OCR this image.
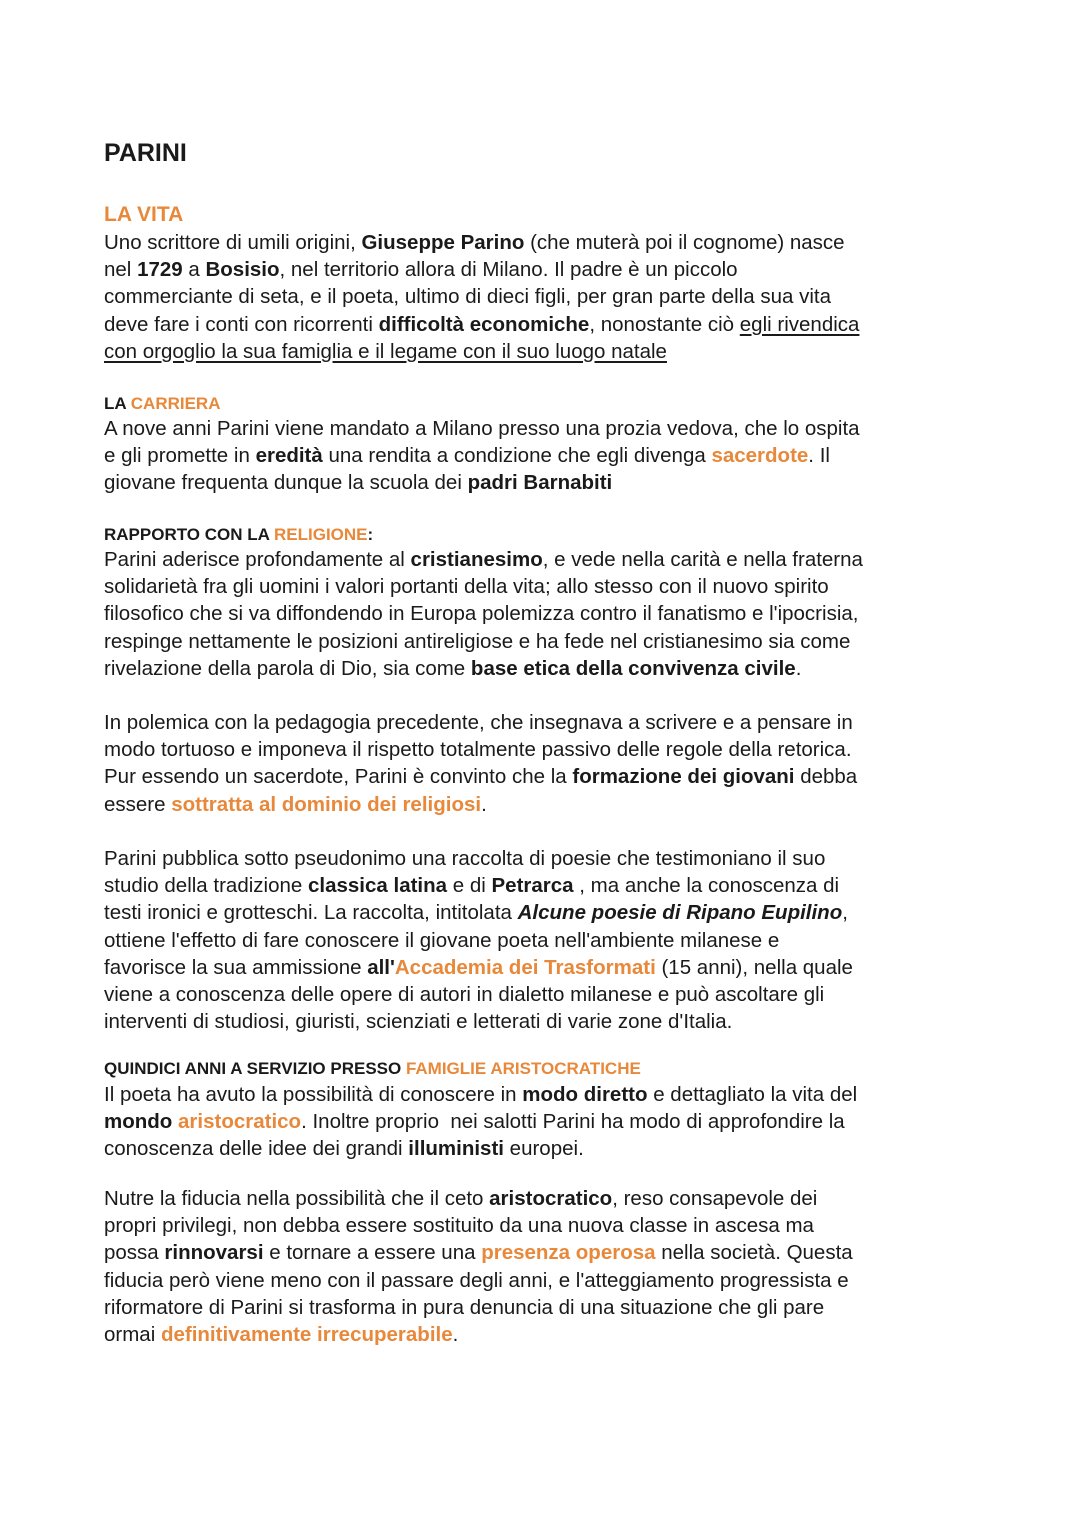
PARINI
LA VITA
Uno scrittore di umili origini, Giuseppe Parino (che muterà poi il cognome) nasce
nel 1729 a Bosisio, nel territorio allora di Milano. Il padre è un piccolo
commerciante di seta, e il poeta, ultimo di dieci figli, per gran parte della sua vita
deve fare i conti con ricorrenti difficoltà economiche, nonostante ciò egli rivendica
con orgoglio la sua famiglia e il legame con il suo luogo natale
LA CARRIERA
A nove anni Parini viene mandato a Milano presso una prozia vedova, che lo ospita
e gli promette in eredità una rendita a condizione che egli divenga sacerdote. Il
giovane frequenta dunque la scuola dei padri Barnabiti
RAPPORTO CON LA RELIGIONE:
Parini aderisce profondamente al cristianesimo, e vede nella carità e nella fraterna
solidarietà fra gli uomini i valori portanti della vita; allo stesso con il nuovo spirito
filosofico che si va diffondendo in Europa polemizza contro il fanatismo e l'ipocrisia,
respinge nettamente le posizioni antireligiose e ha fede nel cristianesimo sia come
rivelazione della parola di Dio, sia come base etica della convivenza civile.
In polemica con la pedagogia precedente, che insegnava a scrivere e a pensare in
modo tortuoso e imponeva il rispetto totalmente passivo delle regole della retorica.
Pur essendo un sacerdote, Parini è convinto che la formazione dei giovani debba
essere sottratta al dominio dei religiosi.
Parini pubblica sotto pseudonimo una raccolta di poesie che testimoniano il suo
studio della tradizione classica latina e di Petrarca , ma anche la conoscenza di
testi ironici e grotteschi. La raccolta, intitolata Alcune poesie di Ripano Eupilino,
ottiene l'effetto di fare conoscere il giovane poeta nell'ambiente milanese e
favorisce la sua ammissione all'Accademia dei Trasformati (15 anni), nella quale
viene a conoscenza delle opere di autori in dialetto milanese e può ascoltare gli
interventi di studiosi, giuristi, scienziati e letterati di varie zone d'Italia.
QUINDICI ANNI A SERVIZIO PRESSO FAMIGLIE ARISTOCRATICHE
Il poeta ha avuto la possibilità di conoscere in modo diretto e dettagliato la vita del
mondo aristocratico. Inoltre proprio  nei salotti Parini ha modo di approfondire la
conoscenza delle idee dei grandi illuministi europei.
Nutre la fiducia nella possibilità che il ceto aristocratico, reso consapevole dei
propri privilegi, non debba essere sostituito da una nuova classe in ascesa ma
possa rinnovarsi e tornare a essere una presenza operosa nella società. Questa
fiducia però viene meno con il passare degli anni, e l'atteggiamento progressista e
riformatore di Parini si trasforma in pura denuncia di una situazione che gli pare
ormai definitivamente irrecuperabile.
